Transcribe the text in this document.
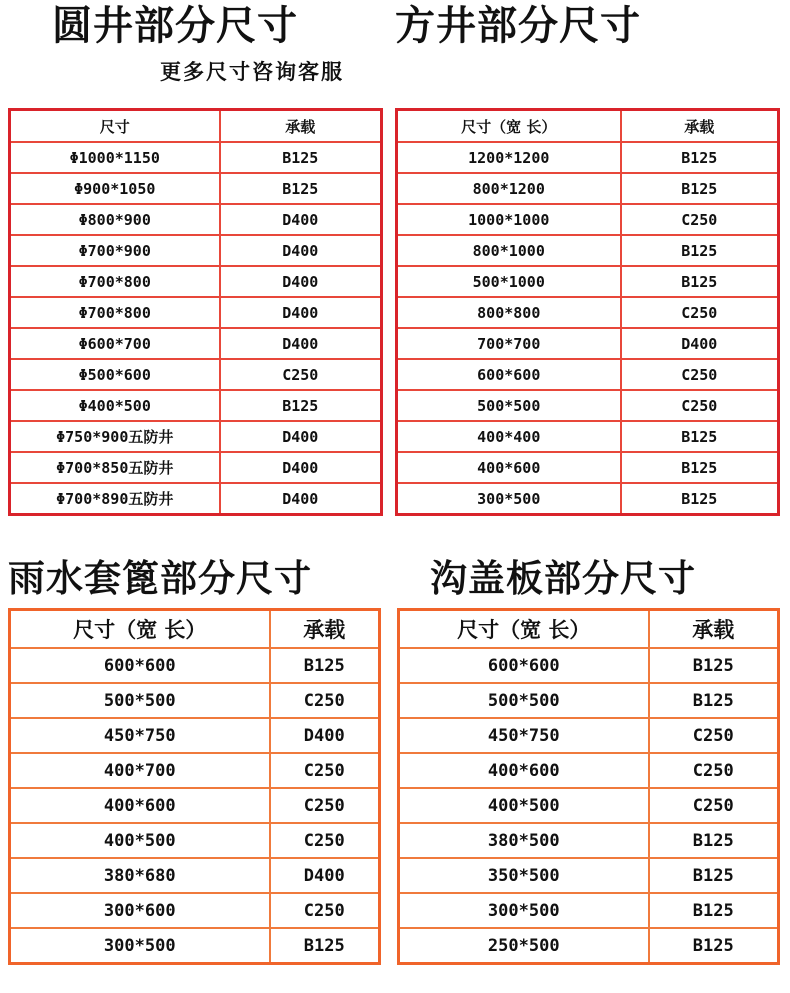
圆井部分尺寸 方井部分尺寸
更多尺寸咨询客服
尺寸	承载
Φ1000*1150	B125
Φ900*1050	B125
Φ800*900	D400
Φ700*900	D400
Φ700*800	D400
Φ700*800	D400
Φ600*700	D400
Φ500*600	C250
Φ400*500	B125
Φ750*900五防井	D400
Φ700*850五防井	D400
Φ700*890五防井	D400
尺寸（宽 长）	承载
1200*1200	B125
800*1200	B125
1000*1000	C250
800*1000	B125
500*1000	B125
800*800	C250
700*700	D400
600*600	C250
500*500	C250
400*400	B125
400*600	B125
300*500	B125
雨水套篦部分尺寸	沟盖板部分尺寸
尺寸（宽 长）	承载
600*600	B125
500*500	C250
450*750	D400
400*700	C250
400*600	C250
400*500	C250
380*680	D400
300*600	C250
300*500	B125
尺寸（宽 长）	承载
600*600	B125
500*500	B125
450*750	C250
400*600	C250
400*500	C250
380*500	B125
350*500	B125
300*500	B125
250*500	B125
